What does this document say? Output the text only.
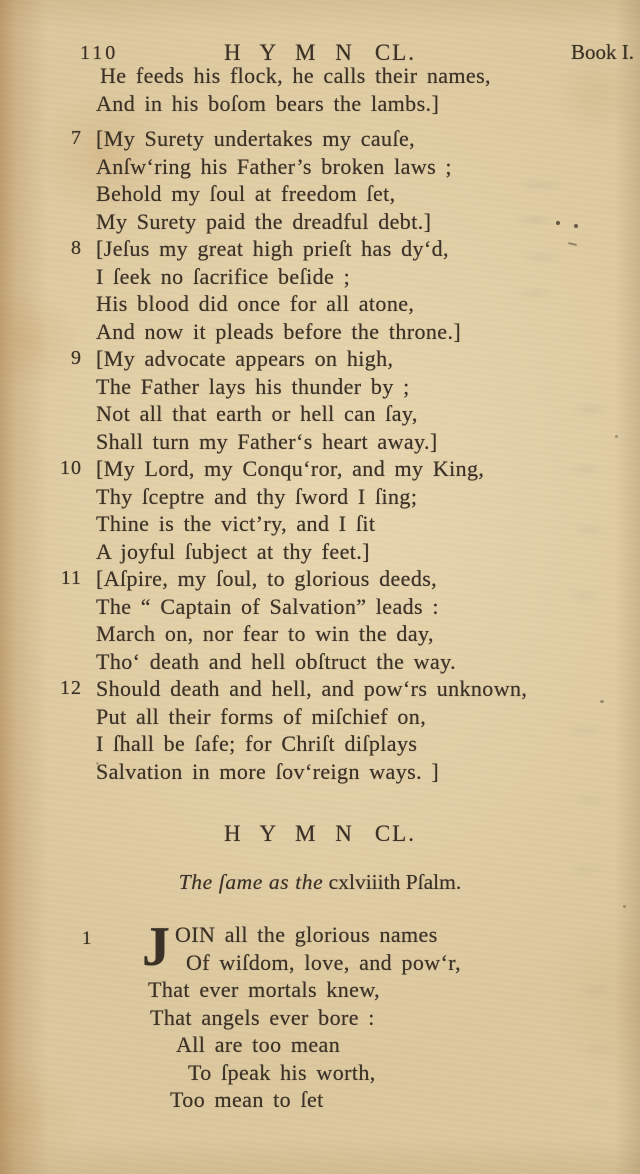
110	H Y M N CL.	Book I.
He feeds his flock, he calls their names,
And in his boſom bears the lambs.]
7 [My Surety undertakes my cauſe,
Anſw‘ring his Father’s broken laws ;
Behold my ſoul at freedom ſet,
My Surety paid the dreadful debt.]
8 [Jeſus my great high prieſt has dy‘d,
I ſeek no ſacrifice beſide ;
His blood did once for all atone,
And now it pleads before the throne.]
9 [My advocate appears on high,
The Father lays his thunder by ;
Not all that earth or hell can ſay,
Shall turn my Father‘s heart away.]
10 [My Lord, my Conqu‘ror, and my King,
Thy ſceptre and thy ſword I ſing;
Thine is the vict’ry, and I ſit
A joyful ſubject at thy feet.]
11 [Aſpire, my ſoul, to glorious deeds,
The “ Captain of Salvation” leads :
March on, nor fear to win the day,
Tho‘ death and hell obſtruct the way.
12 Should death and hell, and pow‘rs unknown,
Put all their forms of miſchief on,
I ſhall be ſafe; for Chriſt diſplays
Salvation in more ſov‘reign ways. ]
H Y M N CL.
The ſame as the cxlviiith Pſalm.
1 J OIN all the glorious names
Of wiſdom, love, and pow‘r,
That ever mortals knew,
That angels ever bore :
All are too mean
To ſpeak his worth,
Too mean to ſet
